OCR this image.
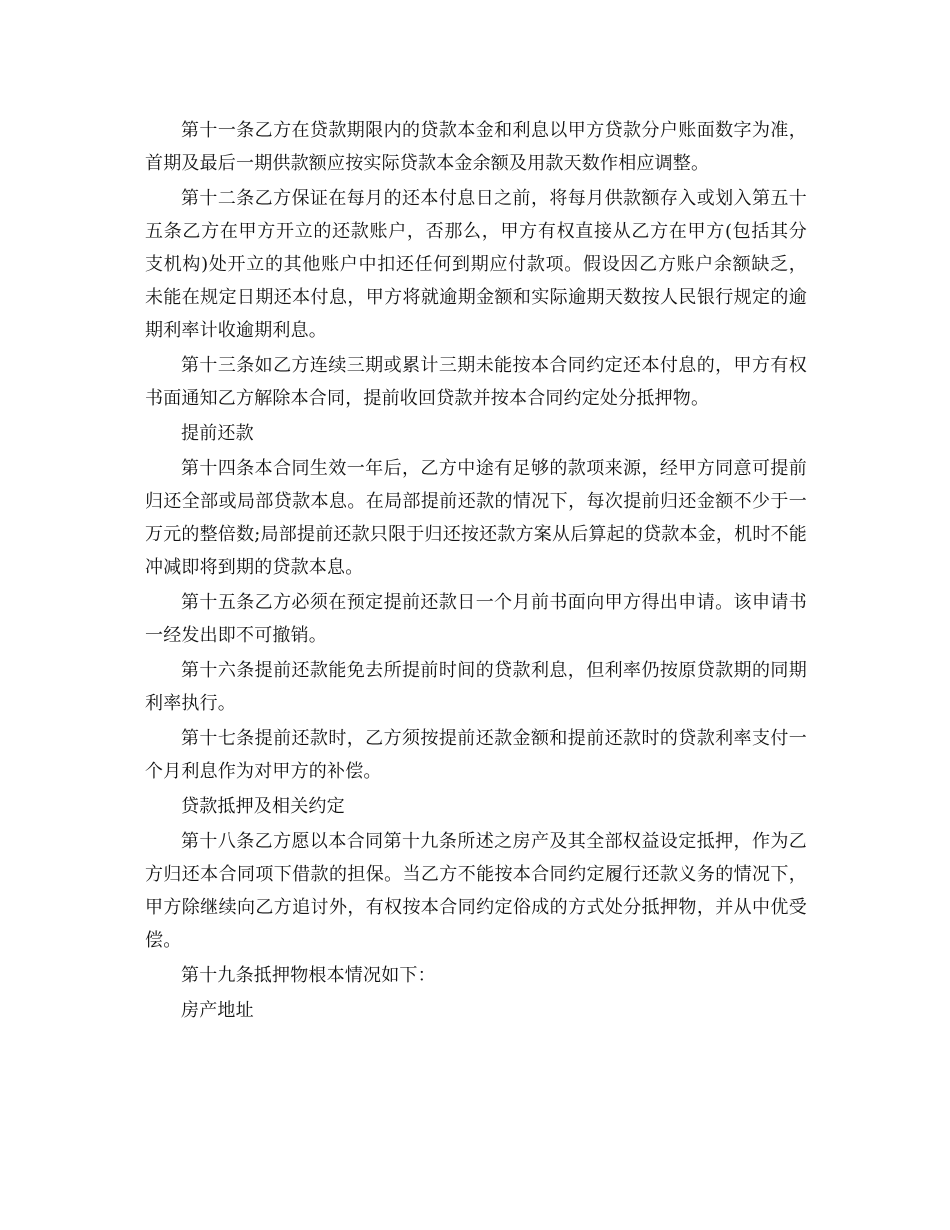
第十一条乙方在贷款期限内的贷款本金和利息以甲方贷款分户账面数字为准，首期及最后一期供款额应按实际贷款本金余额及用款天数作相应调整。

第十二条乙方保证在每月的还本付息日之前，将每月供款额存入或划入第五十五条乙方在甲方开立的还款账户，否那么，甲方有权直接从乙方在甲方(包括其分支机构)处开立的其他账户中扣还任何到期应付款项。假设因乙方账户余额缺乏，未能在规定日期还本付息，甲方将就逾期金额和实际逾期天数按人民银行规定的逾期利率计收逾期利息。

第十三条如乙方连续三期或累计三期未能按本合同约定还本付息的，甲方有权书面通知乙方解除本合同，提前收回贷款并按本合同约定处分抵押物。

提前还款

第十四条本合同生效一年后，乙方中途有足够的款项来源，经甲方同意可提前归还全部或局部贷款本息。在局部提前还款的情况下，每次提前归还金额不少于一万元的整倍数;局部提前还款只限于归还按还款方案从后算起的贷款本金，机时不能冲减即将到期的贷款本息。

第十五条乙方必须在预定提前还款日一个月前书面向甲方得出申请。该申请书一经发出即不可撤销。

第十六条提前还款能免去所提前时间的贷款利息，但利率仍按原贷款期的同期利率执行。

第十七条提前还款时，乙方须按提前还款金额和提前还款时的贷款利率支付一个月利息作为对甲方的补偿。

贷款抵押及相关约定

第十八条乙方愿以本合同第十九条所述之房产及其全部权益设定抵押，作为乙方归还本合同项下借款的担保。当乙方不能按本合同约定履行还款义务的情况下，甲方除继续向乙方追讨外，有权按本合同约定俗成的方式处分抵押物，并从中优受偿。

第十九条抵押物根本情况如下：

房产地址
